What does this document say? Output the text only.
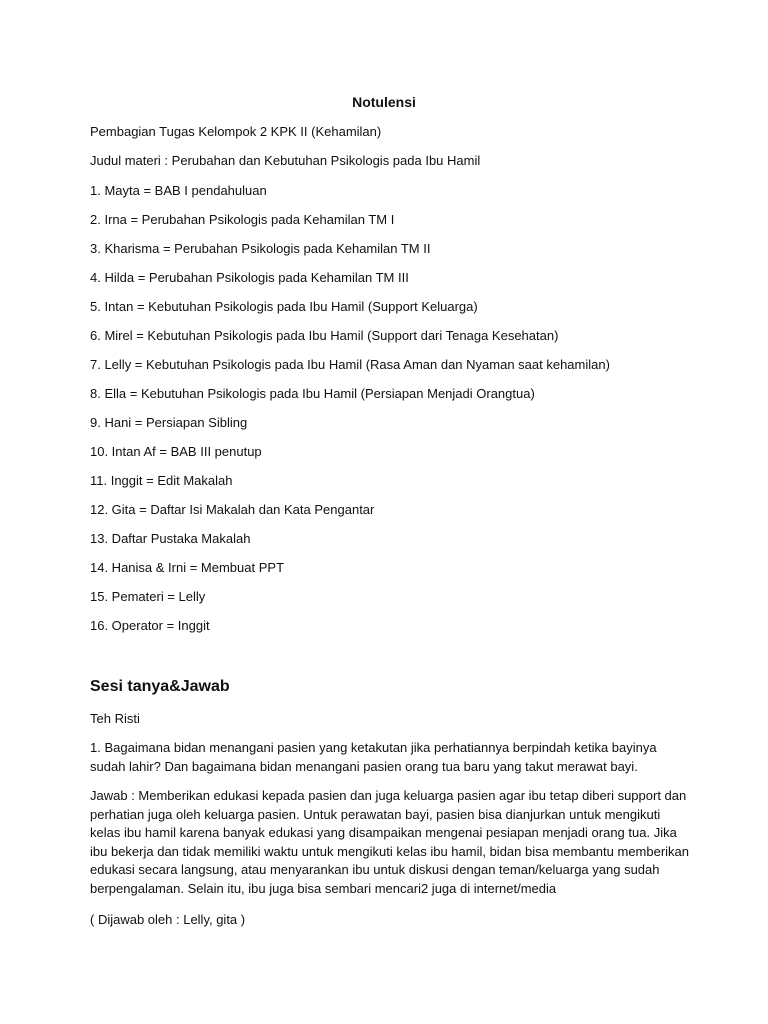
Notulensi
Pembagian Tugas Kelompok 2 KPK II (Kehamilan)
Judul materi : Perubahan dan Kebutuhan Psikologis pada Ibu Hamil
1. Mayta = BAB I pendahuluan
2. Irna = Perubahan Psikologis pada Kehamilan TM I
3. Kharisma = Perubahan Psikologis pada Kehamilan TM II
4. Hilda = Perubahan Psikologis pada Kehamilan TM III
5. Intan = Kebutuhan Psikologis pada Ibu Hamil (Support Keluarga)
6. Mirel = Kebutuhan Psikologis pada Ibu Hamil (Support dari Tenaga Kesehatan)
7. Lelly = Kebutuhan Psikologis pada Ibu Hamil (Rasa Aman dan Nyaman saat kehamilan)
8. Ella = Kebutuhan Psikologis pada Ibu Hamil (Persiapan Menjadi Orangtua)
9. Hani = Persiapan Sibling
10. Intan Af = BAB III penutup
11. Inggit = Edit Makalah
12. Gita = Daftar Isi Makalah dan Kata Pengantar
13. Daftar Pustaka Makalah
14. Hanisa & Irni = Membuat PPT
15. Pemateri = Lelly
16. Operator = Inggit
Sesi tanya&Jawab
Teh Risti
1. Bagaimana bidan menangani pasien yang ketakutan jika perhatiannya berpindah ketika bayinya sudah lahir? Dan bagaimana bidan menangani pasien orang tua baru yang takut merawat bayi.
Jawab : Memberikan edukasi kepada pasien dan juga keluarga pasien agar ibu tetap diberi support dan perhatian juga oleh keluarga pasien. Untuk perawatan bayi, pasien bisa dianjurkan untuk mengikuti kelas ibu hamil karena banyak edukasi yang disampaikan mengenai pesiapan menjadi orang tua. Jika ibu bekerja dan tidak memiliki waktu untuk mengikuti kelas ibu hamil, bidan bisa membantu memberikan edukasi secara langsung, atau menyarankan ibu untuk diskusi dengan teman/keluarga yang sudah berpengalaman. Selain itu, ibu juga bisa sembari mencari2 juga di internet/media
( Dijawab oleh : Lelly, gita )
